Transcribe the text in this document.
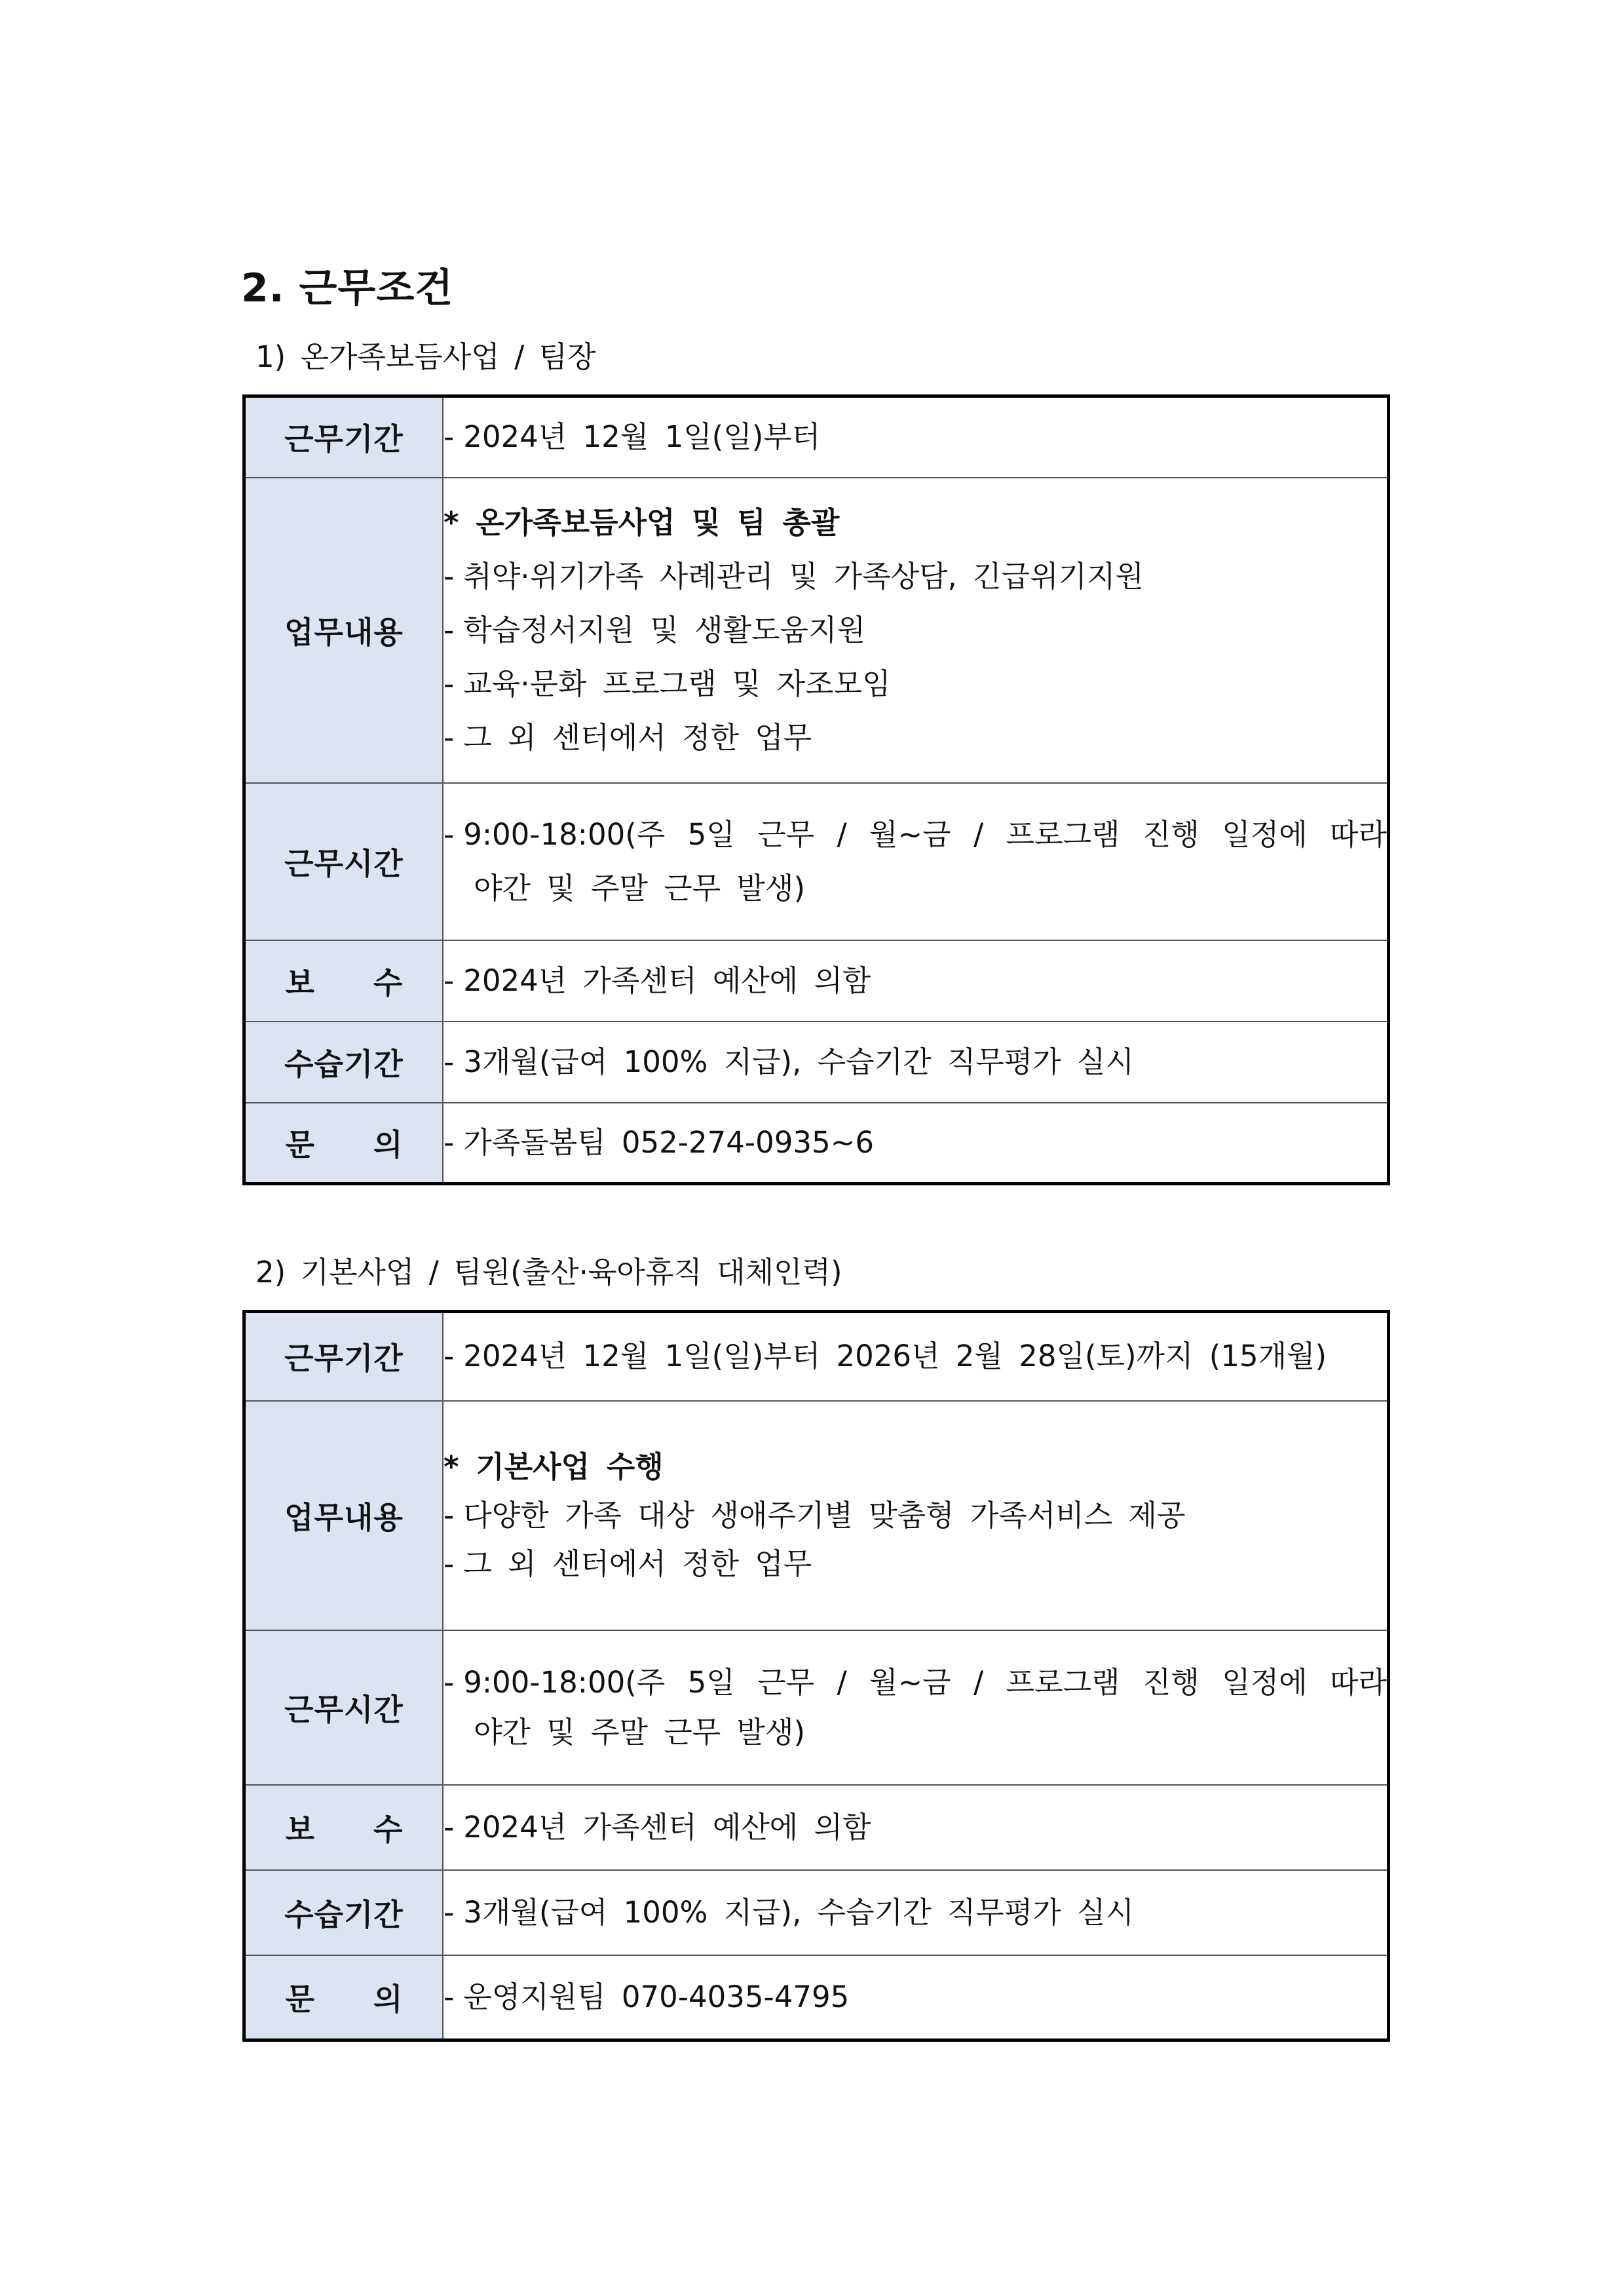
2. 근무조건
1) 온가족보듬사업 / 팀장
근무기간	- 2024년 12월 1일(일)부터

업무내용	* 온가족보듬사업 및 팀 총괄
- 취약·위기가족 사례관리 및 가족상담, 긴급위기지원
- 학습정서지원 및 생활도움지원
- 교육·문화 프로그램 및 자조모임
- 그 외 센터에서 정한 업무

근무시간	- 9:00-18:00(주 5일 근무 / 월~금 / 프로그램 진행 일정에 따라
야간 및 주말 근무 발생)

보 수	- 2024년 가족센터 예산에 의함

수습기간	- 3개월(급여 100% 지급), 수습기간 직무평가 실시

문 의	- 가족돌봄팀 052-274-0935~6
2) 기본사업 / 팀원(출산·육아휴직 대체인력)
근무기간	- 2024년 12월 1일(일)부터 2026년 2월 28일(토)까지 (15개월)

업무내용	* 기본사업 수행
- 다양한 가족 대상 생애주기별 맞춤형 가족서비스 제공
- 그 외 센터에서 정한 업무

근무시간	- 9:00-18:00(주 5일 근무 / 월~금 / 프로그램 진행 일정에 따라
야간 및 주말 근무 발생)

보 수	- 2024년 가족센터 예산에 의함

수습기간	- 3개월(급여 100% 지급), 수습기간 직무평가 실시

문 의	- 운영지원팀 070-4035-4795
